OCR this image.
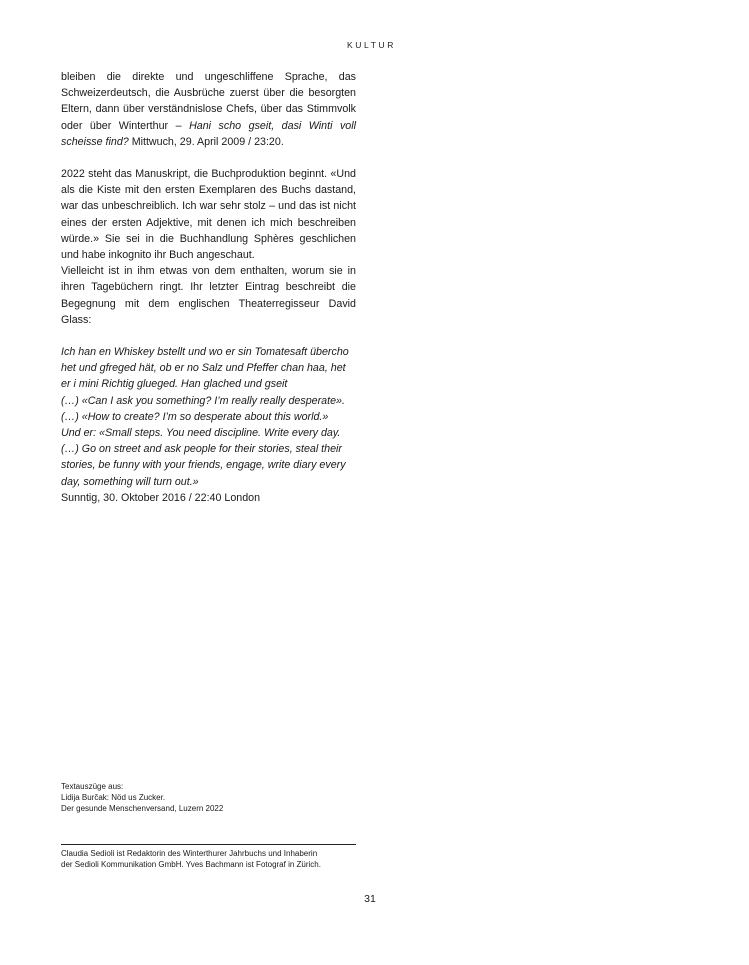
KULTUR

bleiben die direkte und ungeschliffene Sprache, das Schweizerdeutsch, die Ausbrüche zuerst über die besorgten Eltern, dann über verständnislose Chefs, über das Stimmvolk oder über Winterthur – Hani scho gseit, dasi Winti voll scheisse find? Mittwuch, 29. April 2009 / 23:20.

2022 steht das Manuskript, die Buchproduktion beginnt. «Und als die Kiste mit den ersten Exemplaren des Buchs dastand, war das unbeschreiblich. Ich war sehr stolz – und das ist nicht eines der ersten Adjektive, mit denen ich mich beschreiben würde.» Sie sei in die Buchhandlung Sphères geschlichen und habe inkognito ihr Buch angeschaut.

Vielleicht ist in ihm etwas von dem enthalten, worum sie in ihren Tagebüchern ringt. Ihr letzter Eintrag beschreibt die Begegnung mit dem englischen Theaterregisseur David Glass:

Ich han en Whiskey bstellt und wo er sin Tomatesaft übercho het und gfreged hät, ob er no Salz und Pfeffer chan haa, het er i mini Richtig glueged. Han glached und gseit

(…) «Can I ask you something? I’m really really desperate».

(…) «How to create? I’m so desperate about this world.»

Und er: «Small steps. You need discipline. Write every day.

(…) Go on street and ask people for their stories, steal their stories, be funny with your friends, engage, write diary every day, something will turn out.»

Sunntig, 30. Oktober 2016 / 22:40 London

Textauszüge aus:
Lidija Burčak: Nöd us Zucker.
Der gesunde Menschenversand, Luzern 2022
Claudia Sedioli ist Redaktorin des Winterthurer Jahrbuchs und Inhaberin
der Sedioli Kommunikation GmbH. Yves Bachmann ist Fotograf in Zürich.
31
